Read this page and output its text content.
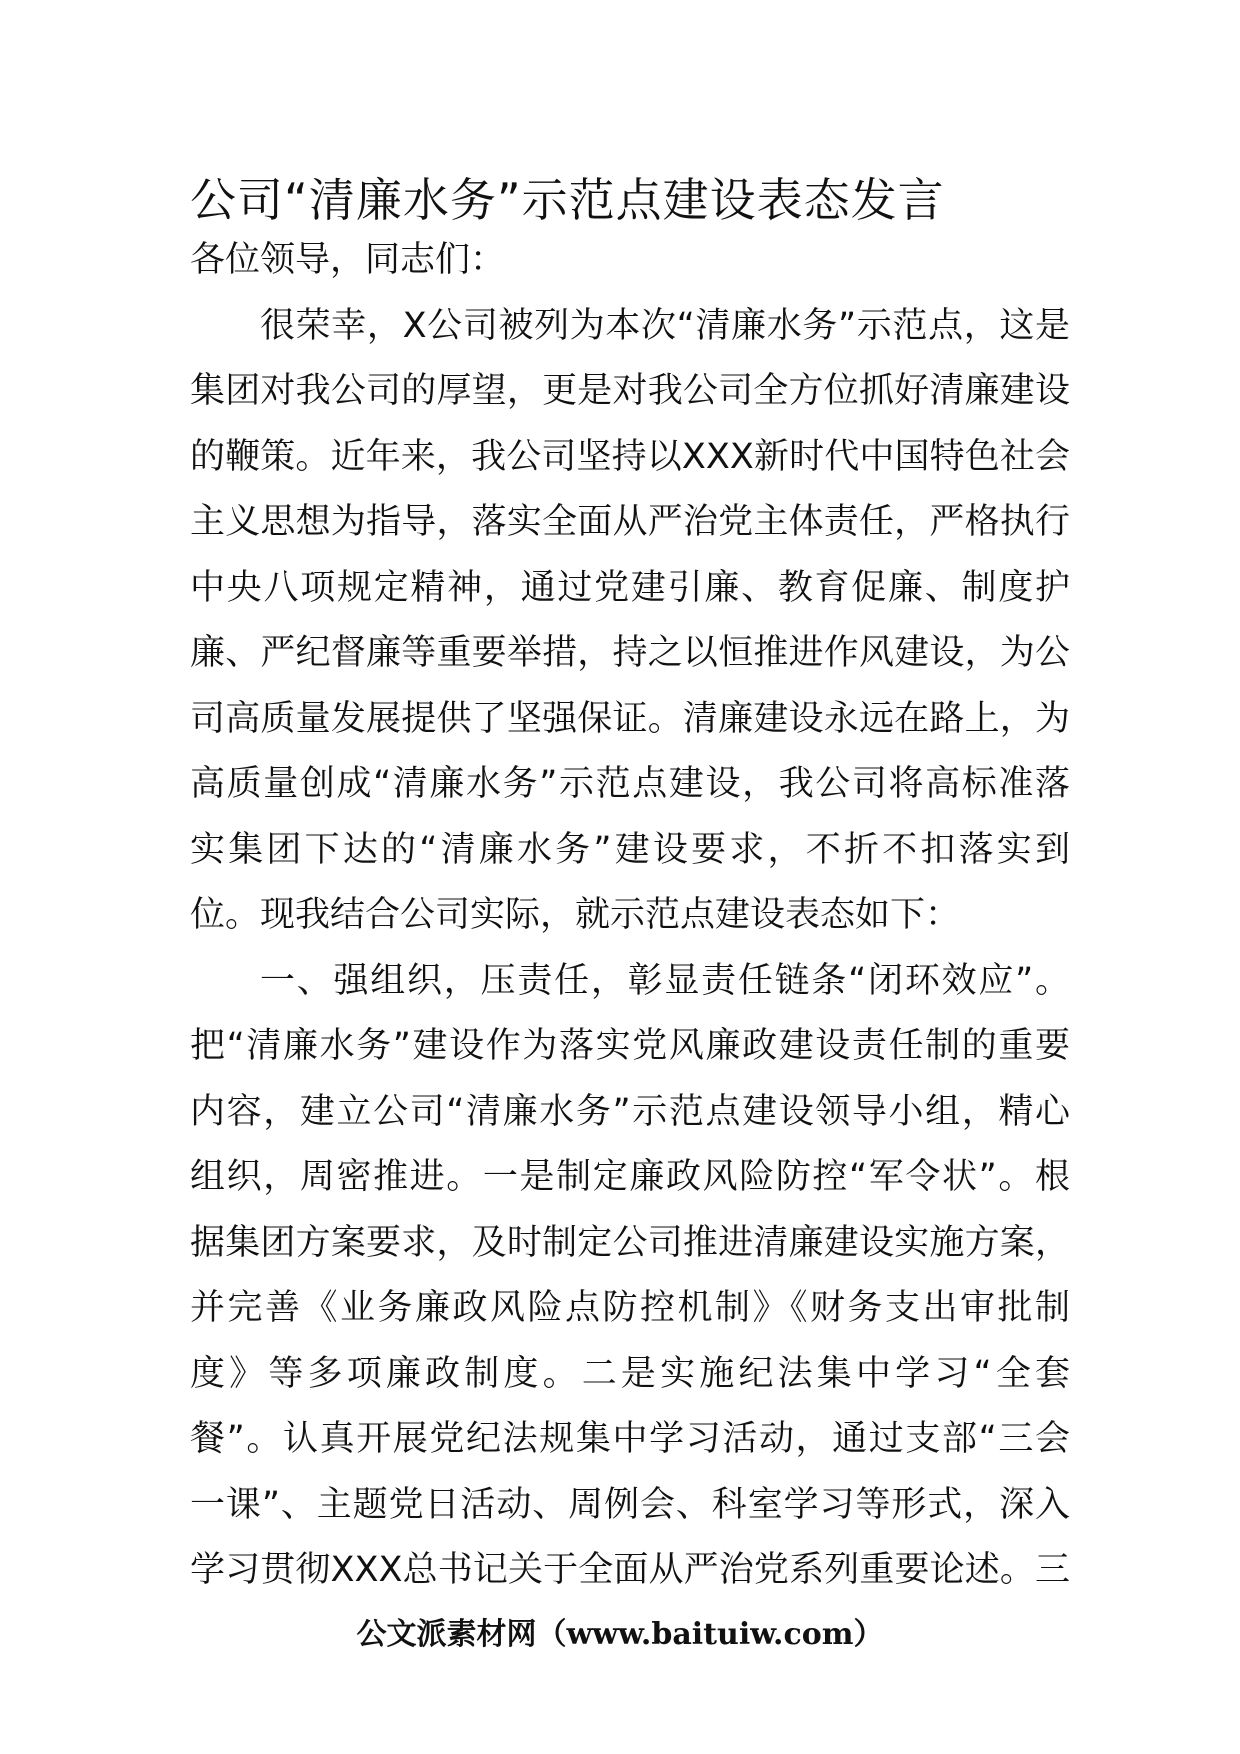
公司“清廉水务”示范点建设表态发言
各位领导，同志们：
很荣幸，X公司被列为本次“清廉水务”示范点，这是
集团对我公司的厚望，更是对我公司全方位抓好清廉建设
的鞭策。近年来，我公司坚持以XXX新时代中国特色社会
主义思想为指导，落实全面从严治党主体责任，严格执行
中央八项规定精神，通过党建引廉、教育促廉、制度护
廉、严纪督廉等重要举措，持之以恒推进作风建设，为公
司高质量发展提供了坚强保证。清廉建设永远在路上，为
高质量创成“清廉水务”示范点建设，我公司将高标准落
实集团下达的“清廉水务”建设要求，不折不扣落实到
位。现我结合公司实际，就示范点建设表态如下：
一、强组织，压责任，彰显责任链条“闭环效应”。
把“清廉水务”建设作为落实党风廉政建设责任制的重要
内容，建立公司“清廉水务”示范点建设领导小组，精心
组织，周密推进。一是制定廉政风险防控“军令状”。根
据集团方案要求，及时制定公司推进清廉建设实施方案，
并完善《业务廉政风险点防控机制》《财务支出审批制
度》等多项廉政制度。二是实施纪法集中学习“全套
餐”。认真开展党纪法规集中学习活动，通过支部“三会
一课”、主题党日活动、周例会、科室学习等形式，深入
学习贯彻XXX总书记关于全面从严治党系列重要论述。三
公文派素材网（www.baituiw.com）
